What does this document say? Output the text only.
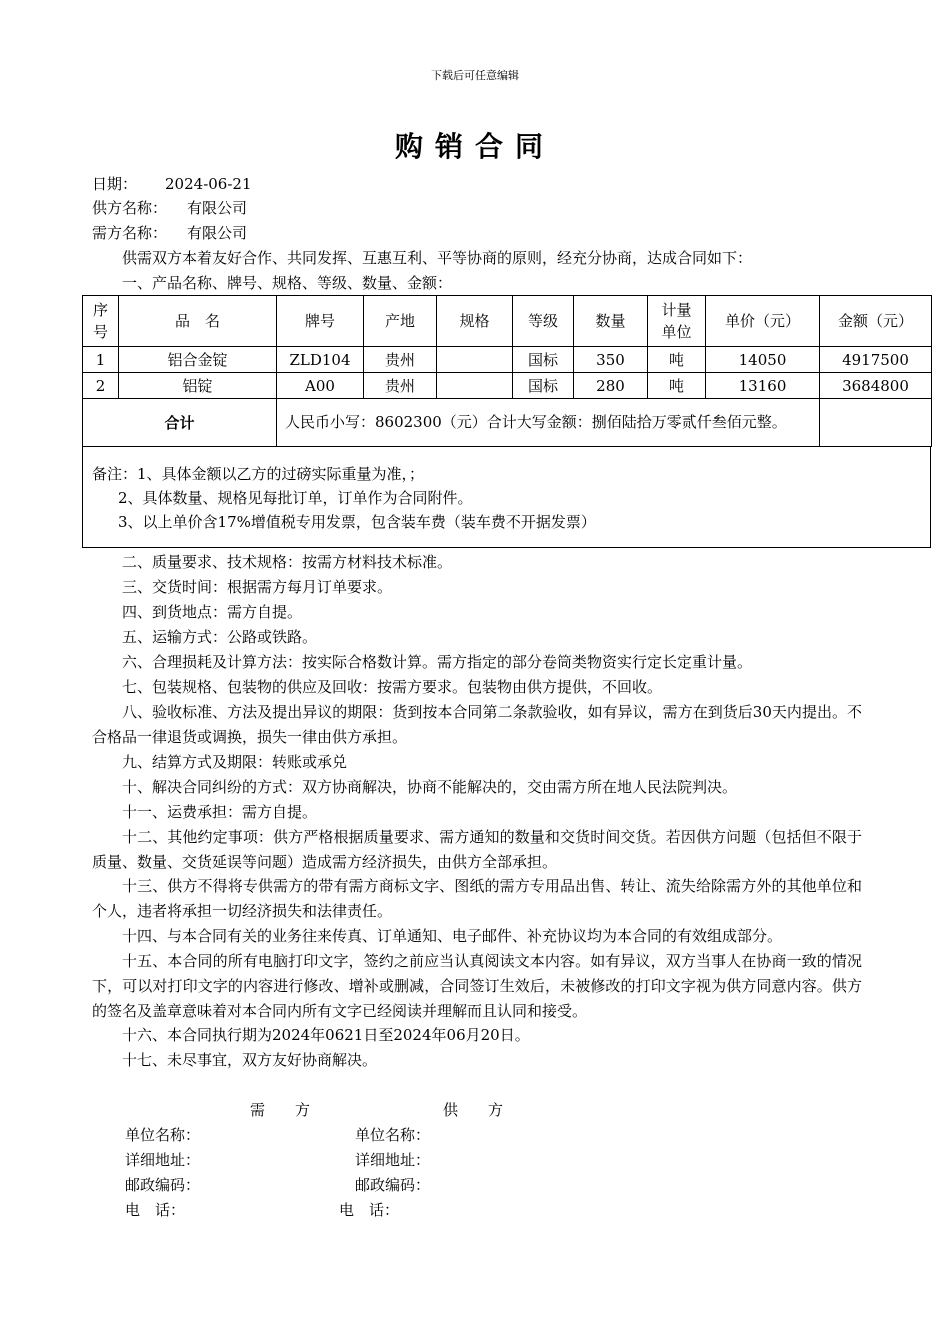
下载后可任意编辑
购销合同
日期： 2024-06-21
供方名称： 有限公司
需方名称： 有限公司
供需双方本着友好合作、共同发挥、互惠互利、平等协商的原则，经充分协商，达成合同如下：
一、产品名称、牌号、规格、等级、数量、金额：
序号	品　名	牌号	产地	规格	等级	数量	计量单位	单价（元）	金额（元）
1	铝合金锭	ZLD104	贵州		国标	350	吨	14050	4917500
2	铝锭	A00	贵州		国标	280	吨	13160	3684800
合计		人民币小写：8602300（元）合计大写金额：捌佰陆拾万零贰仟叁佰元整。							
备注：1、具体金额以乙方的过磅实际重量为准，；
2、具体数量、规格见每批订单，订单作为合同附件。
3、以上单价含17%增值税专用发票，包含装车费（装车费不开据发票）
二、质量要求、技术规格：按需方材料技术标准。
三、交货时间：根据需方每月订单要求。
四、到货地点：需方自提。
五、运输方式：公路或铁路。
六、合理损耗及计算方法：按实际合格数计算。需方指定的部分卷筒类物资实行定长定重计量。
七、包装规格、包装物的供应及回收：按需方要求。包装物由供方提供，不回收。
八、验收标准、方法及提出异议的期限：货到按本合同第二条款验收，如有异议，需方在到货后30天内提出。不合格品一律退货或调换，损失一律由供方承担。
九、结算方式及期限：转账或承兑
十、解决合同纠纷的方式：双方协商解决，协商不能解决的，交由需方所在地人民法院判决。
十一、运费承担：需方自提。
十二、其他约定事项：供方严格根据质量要求、需方通知的数量和交货时间交货。若因供方问题（包括但不限于质量、数量、交货延误等问题）造成需方经济损失，由供方全部承担。
十三、供方不得将专供需方的带有需方商标文字、图纸的需方专用品出售、转让、流失给除需方外的其他单位和个人，违者将承担一切经济损失和法律责任。
十四、与本合同有关的业务往来传真、订单通知、电子邮件、补充协议均为本合同的有效组成部分。
十五、本合同的所有电脑打印文字，签约之前应当认真阅读文本内容。如有异议，双方当事人在协商一致的情况下，可以对打印文字的内容进行修改、增补或删减，合同签订生效后，未被修改的打印文字视为供方同意内容。供方的签名及盖章意味着对本合同内所有文字已经阅读并理解而且认同和接受。
十六、本合同执行期为2024年0621日至2024年06月20日。
十七、未尽事宜，双方友好协商解决。
需　　方	供　　方
单位名称：	单位名称：
详细地址：	详细地址：
邮政编码：	邮政编码：
电　话：	电　话：
